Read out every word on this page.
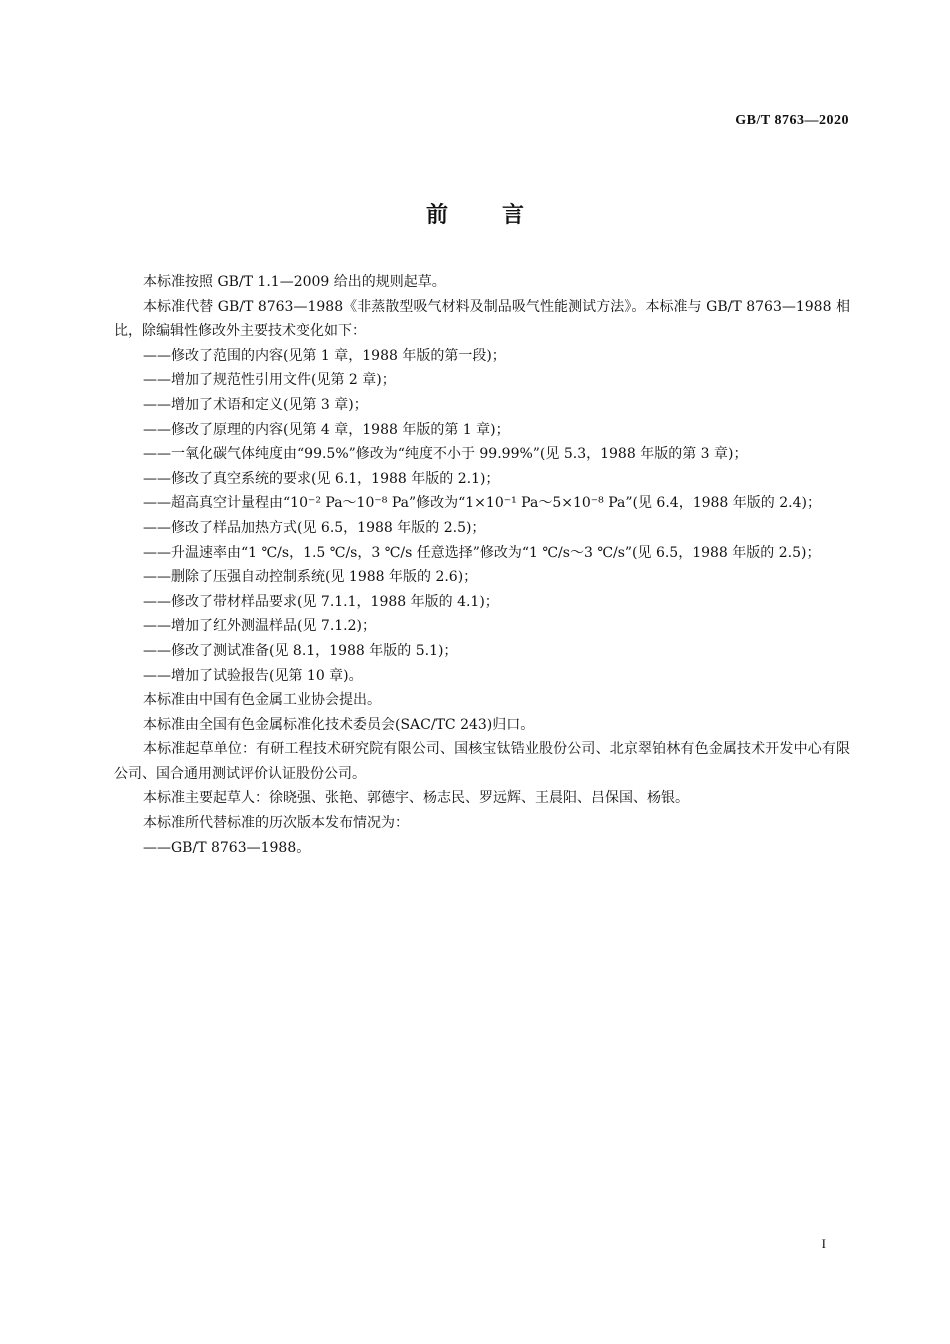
GB/T 8763—2020
前言

本标准按照 GB/T 1.1—2009 给出的规则起草。

本标准代替 GB/T 8763—1988《非蒸散型吸气材料及制品吸气性能测试方法》。本标准与 GB/T 8763—1988 相比，除编辑性修改外主要技术变化如下：

——修改了范围的内容(见第 1 章，1988 年版的第一段)；

——增加了规范性引用文件(见第 2 章)；

——增加了术语和定义(见第 3 章)；

——修改了原理的内容(见第 4 章，1988 年版的第 1 章)；

——一氧化碳气体纯度由“99.5%”修改为“纯度不小于 99.99%”(见 5.3，1988 年版的第 3 章)；

——修改了真空系统的要求(见 6.1，1988 年版的 2.1)；

——超高真空计量程由“10⁻² Pa～10⁻⁸ Pa”修改为“1×10⁻¹ Pa～5×10⁻⁸ Pa”(见 6.4，1988 年版的 2.4)；

——修改了样品加热方式(见 6.5，1988 年版的 2.5)；

——升温速率由“1 ℃/s，1.5 ℃/s，3 ℃/s 任意选择”修改为“1 ℃/s～3 ℃/s”(见 6.5，1988 年版的 2.5)；

——删除了压强自动控制系统(见 1988 年版的 2.6)；

——修改了带材样品要求(见 7.1.1，1988 年版的 4.1)；

——增加了红外测温样品(见 7.1.2)；

——修改了测试准备(见 8.1，1988 年版的 5.1)；

——增加了试验报告(见第 10 章)。

本标准由中国有色金属工业协会提出。

本标准由全国有色金属标准化技术委员会(SAC/TC 243)归口。

本标准起草单位：有研工程技术研究院有限公司、国核宝钛锆业股份公司、北京翠铂林有色金属技术开发中心有限公司、国合通用测试评价认证股份公司。

本标准主要起草人：徐晓强、张艳、郭德宇、杨志民、罗远辉、王晨阳、吕保国、杨银。

本标准所代替标准的历次版本发布情况为：

——GB/T 8763—1988。

I
